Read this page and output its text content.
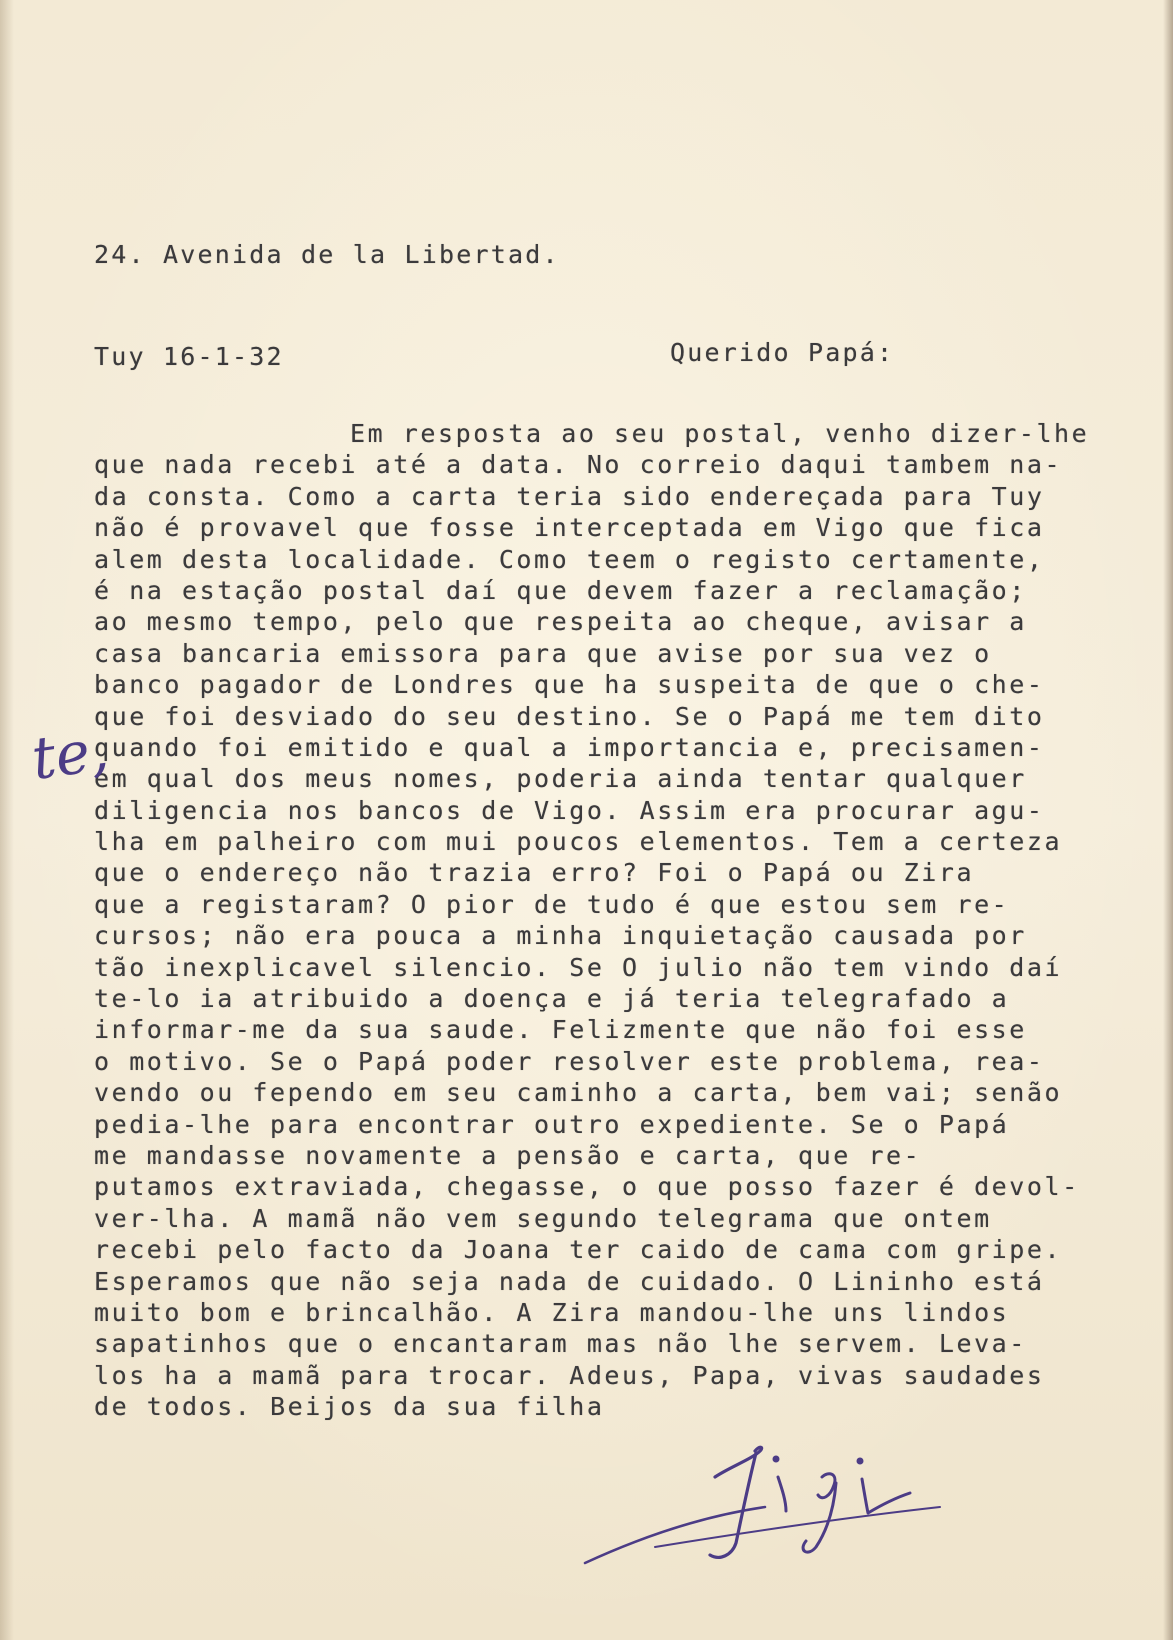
24. Avenida de la Libertad.

Tuy 16-1-32

	Querido Papá:
Em resposta ao seu postal, venho dizer-lhe
que nada recebi até a data. No correio daqui tambem na-
da consta. Como a carta teria sido endereçada para Tuy
não é provavel que fosse interceptada em Vigo que fica
alem desta localidade. Como teem o registo certamente,
é na estação postal daí que devem fazer a reclamação;
ao mesmo tempo, pelo que respeita ao cheque, avisar a
casa bancaria emissora para que avise por sua vez o
banco pagador de Londres que ha suspeita de que o che-
que foi desviado do seu destino. Se o Papá me tem dito
quando foi emitido e qual a importancia e, precisamen-
em qual dos meus nomes, poderia ainda tentar qualquer
diligencia nos bancos de Vigo. Assim era procurar agu-
lha em palheiro com mui poucos elementos. Tem a certeza
que o endereço não trazia erro? Foi o Papá ou Zira
que a registaram? O pior de tudo é que estou sem re-
cursos; não era pouca a minha inquietação causada por
tão inexplicavel silencio. Se O julio não tem vindo daí
te-lo ia atribuido a doença e já teria telegrafado a
informar-me da sua saude. Felizmente que não foi esse
o motivo. Se o Papá poder resolver este problema, rea-
vendo ou fependo em seu caminho a carta, bem vai; senão
pedia-lhe para encontrar outro expediente. Se o Papá
me mandasse novamente a pensão e carta, que re-
putamos extraviada, chegasse, o que posso fazer é devol-
ver-lha. A mamã não vem segundo telegrama que ontem
recebi pelo facto da Joana ter caido de cama com gripe.
Esperamos que não seja nada de cuidado. O Lininho está
muito bom e brincalhão. A Zira mandou-lhe uns lindos
sapatinhos que o encantaram mas não lhe servem. Leva-
los ha a mamã para trocar. Adeus, Papa, vivas saudades
de todos. Beijos da sua filha
te,
